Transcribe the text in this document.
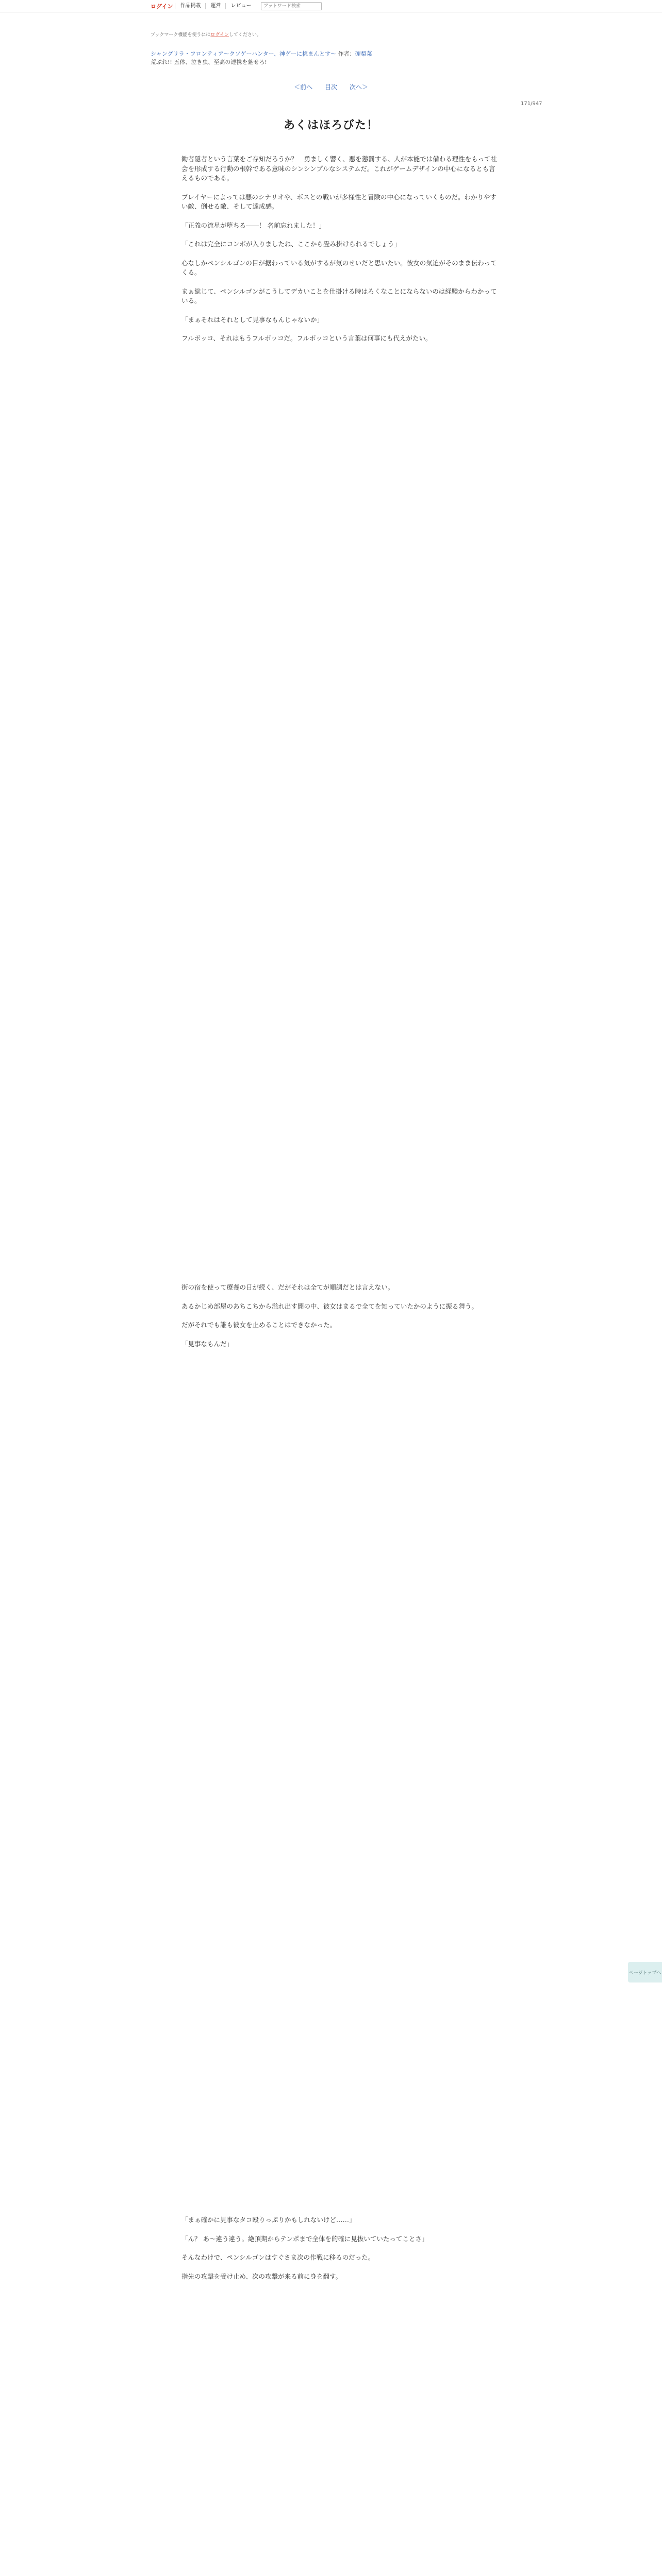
ログイン	作品掲載	運営	レビュー
アットワード検索
ブックマーク機能を使うにはログインしてください。
シャングリラ・フロンティア〜クソゲーハンター、神ゲーに挑まんとす〜 作者：硬梨菜
荒ぶれ!! 五体、泣き虫、至高の連携を魅せろ!
＜前へ 目次 次へ＞
171/947
あくはほろびた！

勧者隠者という言葉をご存知だろうか？　勇ましく響く、悪を懲罰する、人が本能では備わる理性をもって社会を形成する行動の根幹である意味のシンシンプルなシステムだ。これがゲームデザインの中心になるとも言えるものである。

プレイヤーによっては悪のシナリオや、ボスとの戦いが多様性と冒険の中心になっていくものだ。わかりやすい敵、倒せる敵、そして達成感。

「正義の流星が堕ちる――！ 名前忘れました！」

「これは完全にコンボが入りましたね、ここから畳み掛けられるでしょう」

心なしかペンシルゴンの目が据わっている気がするが気のせいだと思いたい。彼女の気迫がそのまま伝わってくる。

まぁ総じて、ペンシルゴンがこうしてデカいことを仕掛ける時はろくなことにならないのは経験からわかっている。

「まぁそれはそれとして見事なもんじゃないか」

フルボッコ、それはもうフルボッコだ。フルボッコという言葉は何事にも代えがたい。

街の宿を使って療養の日が続く、だがそれは全てが順調だとは言えない。

あるかじめ部屋のあちこちから溢れ出す闇の中、彼女はまるで全てを知っていたかのように振る舞う。

だがそれでも誰も彼女を止めることはできなかった。

「見事なもんだ」

「まぁ確かに見事なタコ殴りっぷりかもしれないけど……」

「ん？ あ〜違う違う。絶頂期からテンポまで全体を的確に見抜いていたってことさ」

そんなわけで、ペンシルゴンはすぐさま次の作戦に移るのだった。

指先の攻撃を受け止め、次の攻撃が来る前に身を翻す。

ページトップへ
